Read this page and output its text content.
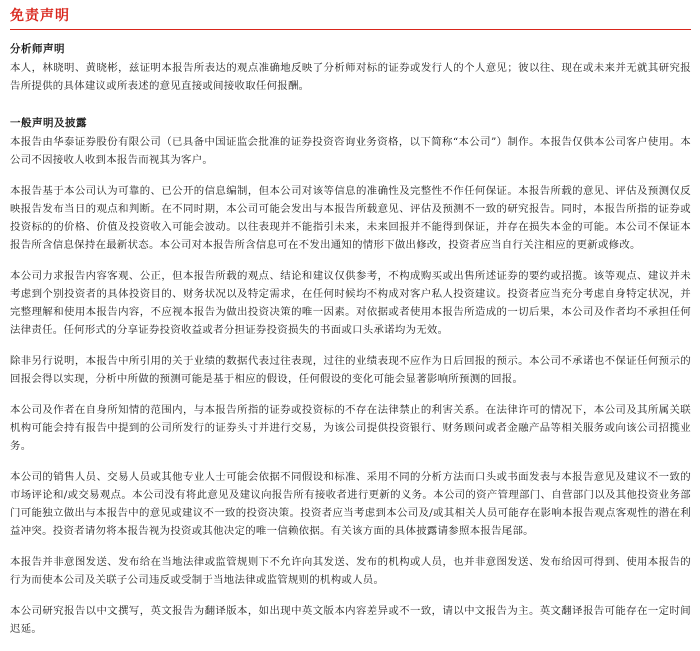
免责声明
分析师声明

本人，林晓明、黄晓彬，兹证明本报告所表达的观点准确地反映了分析师对标的证券或发行人的个人意见；彼以往、现在或未来并无就其研究报告所提供的具体建议或所表述的意见直接或间接收取任何报酬。

一般声明及披露

本报告由华泰证券股份有限公司（已具备中国证监会批准的证券投资咨询业务资格，以下简称“本公司”）制作。本报告仅供本公司客户使用。本公司不因接收人收到本报告而视其为客户。

本报告基于本公司认为可靠的、已公开的信息编制，但本公司对该等信息的准确性及完整性不作任何保证。本报告所载的意见、评估及预测仅反映报告发布当日的观点和判断。在不同时期，本公司可能会发出与本报告所载意见、评估及预测不一致的研究报告。同时，本报告所指的证券或投资标的的价格、价值及投资收入可能会波动。以往表现并不能指引未来，未来回报并不能得到保证，并存在损失本金的可能。本公司不保证本报告所含信息保持在最新状态。本公司对本报告所含信息可在不发出通知的情形下做出修改，投资者应当自行关注相应的更新或修改。

本公司力求报告内容客观、公正，但本报告所载的观点、结论和建议仅供参考，不构成购买或出售所述证券的要约或招揽。该等观点、建议并未考虑到个别投资者的具体投资目的、财务状况以及特定需求，在任何时候均不构成对客户私人投资建议。投资者应当充分考虑自身特定状况，并完整理解和使用本报告内容，不应视本报告为做出投资决策的唯一因素。对依据或者使用本报告所造成的一切后果，本公司及作者均不承担任何法律责任。任何形式的分享证券投资收益或者分担证券投资损失的书面或口头承诺均为无效。

除非另行说明，本报告中所引用的关于业绩的数据代表过往表现，过往的业绩表现不应作为日后回报的预示。本公司不承诺也不保证任何预示的回报会得以实现，分析中所做的预测可能是基于相应的假设，任何假设的变化可能会显著影响所预测的回报。

本公司及作者在自身所知情的范围内，与本报告所指的证券或投资标的不存在法律禁止的利害关系。在法律许可的情况下，本公司及其所属关联机构可能会持有报告中提到的公司所发行的证券头寸并进行交易，为该公司提供投资银行、财务顾问或者金融产品等相关服务或向该公司招揽业务。

本公司的销售人员、交易人员或其他专业人士可能会依据不同假设和标准、采用不同的分析方法而口头或书面发表与本报告意见及建议不一致的市场评论和/或交易观点。本公司没有将此意见及建议向报告所有接收者进行更新的义务。本公司的资产管理部门、自营部门以及其他投资业务部门可能独立做出与本报告中的意见或建议不一致的投资决策。投资者应当考虑到本公司及/或其相关人员可能存在影响本报告观点客观性的潜在利益冲突。投资者请勿将本报告视为投资或其他决定的唯一信赖依据。有关该方面的具体披露请参照本报告尾部。

本报告并非意图发送、发布给在当地法律或监管规则下不允许向其发送、发布的机构或人员，也并非意图发送、发布给因可得到、使用本报告的行为而使本公司及关联子公司违反或受制于当地法律或监管规则的机构或人员。

本公司研究报告以中文撰写，英文报告为翻译版本，如出现中英文版本内容差异或不一致，请以中文报告为主。英文翻译报告可能存在一定时间迟延。
